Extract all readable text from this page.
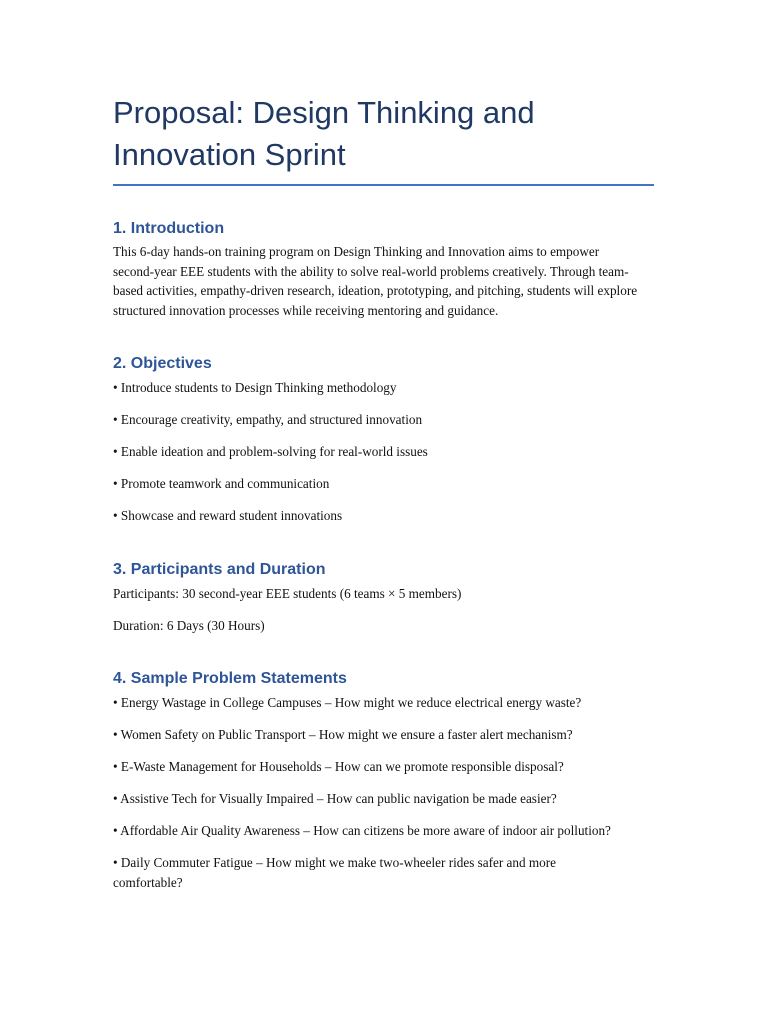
Proposal: Design Thinking and Innovation Sprint
1. Introduction

This 6-day hands-on training program on Design Thinking and Innovation aims to empower second-year EEE students with the ability to solve real-world problems creatively. Through team-based activities, empathy-driven research, ideation, prototyping, and pitching, students will explore structured innovation processes while receiving mentoring and guidance.

2. Objectives

• Introduce students to Design Thinking methodology

• Encourage creativity, empathy, and structured innovation

• Enable ideation and problem-solving for real-world issues

• Promote teamwork and communication

• Showcase and reward student innovations

3. Participants and Duration

Participants: 30 second-year EEE students (6 teams × 5 members)

Duration: 6 Days (30 Hours)

4. Sample Problem Statements

• Energy Wastage in College Campuses – How might we reduce electrical energy waste?

• Women Safety on Public Transport – How might we ensure a faster alert mechanism?

• E-Waste Management for Households – How can we promote responsible disposal?

• Assistive Tech for Visually Impaired – How can public navigation be made easier?

• Affordable Air Quality Awareness – How can citizens be more aware of indoor air pollution?

• Daily Commuter Fatigue – How might we make two-wheeler rides safer and more comfortable?
